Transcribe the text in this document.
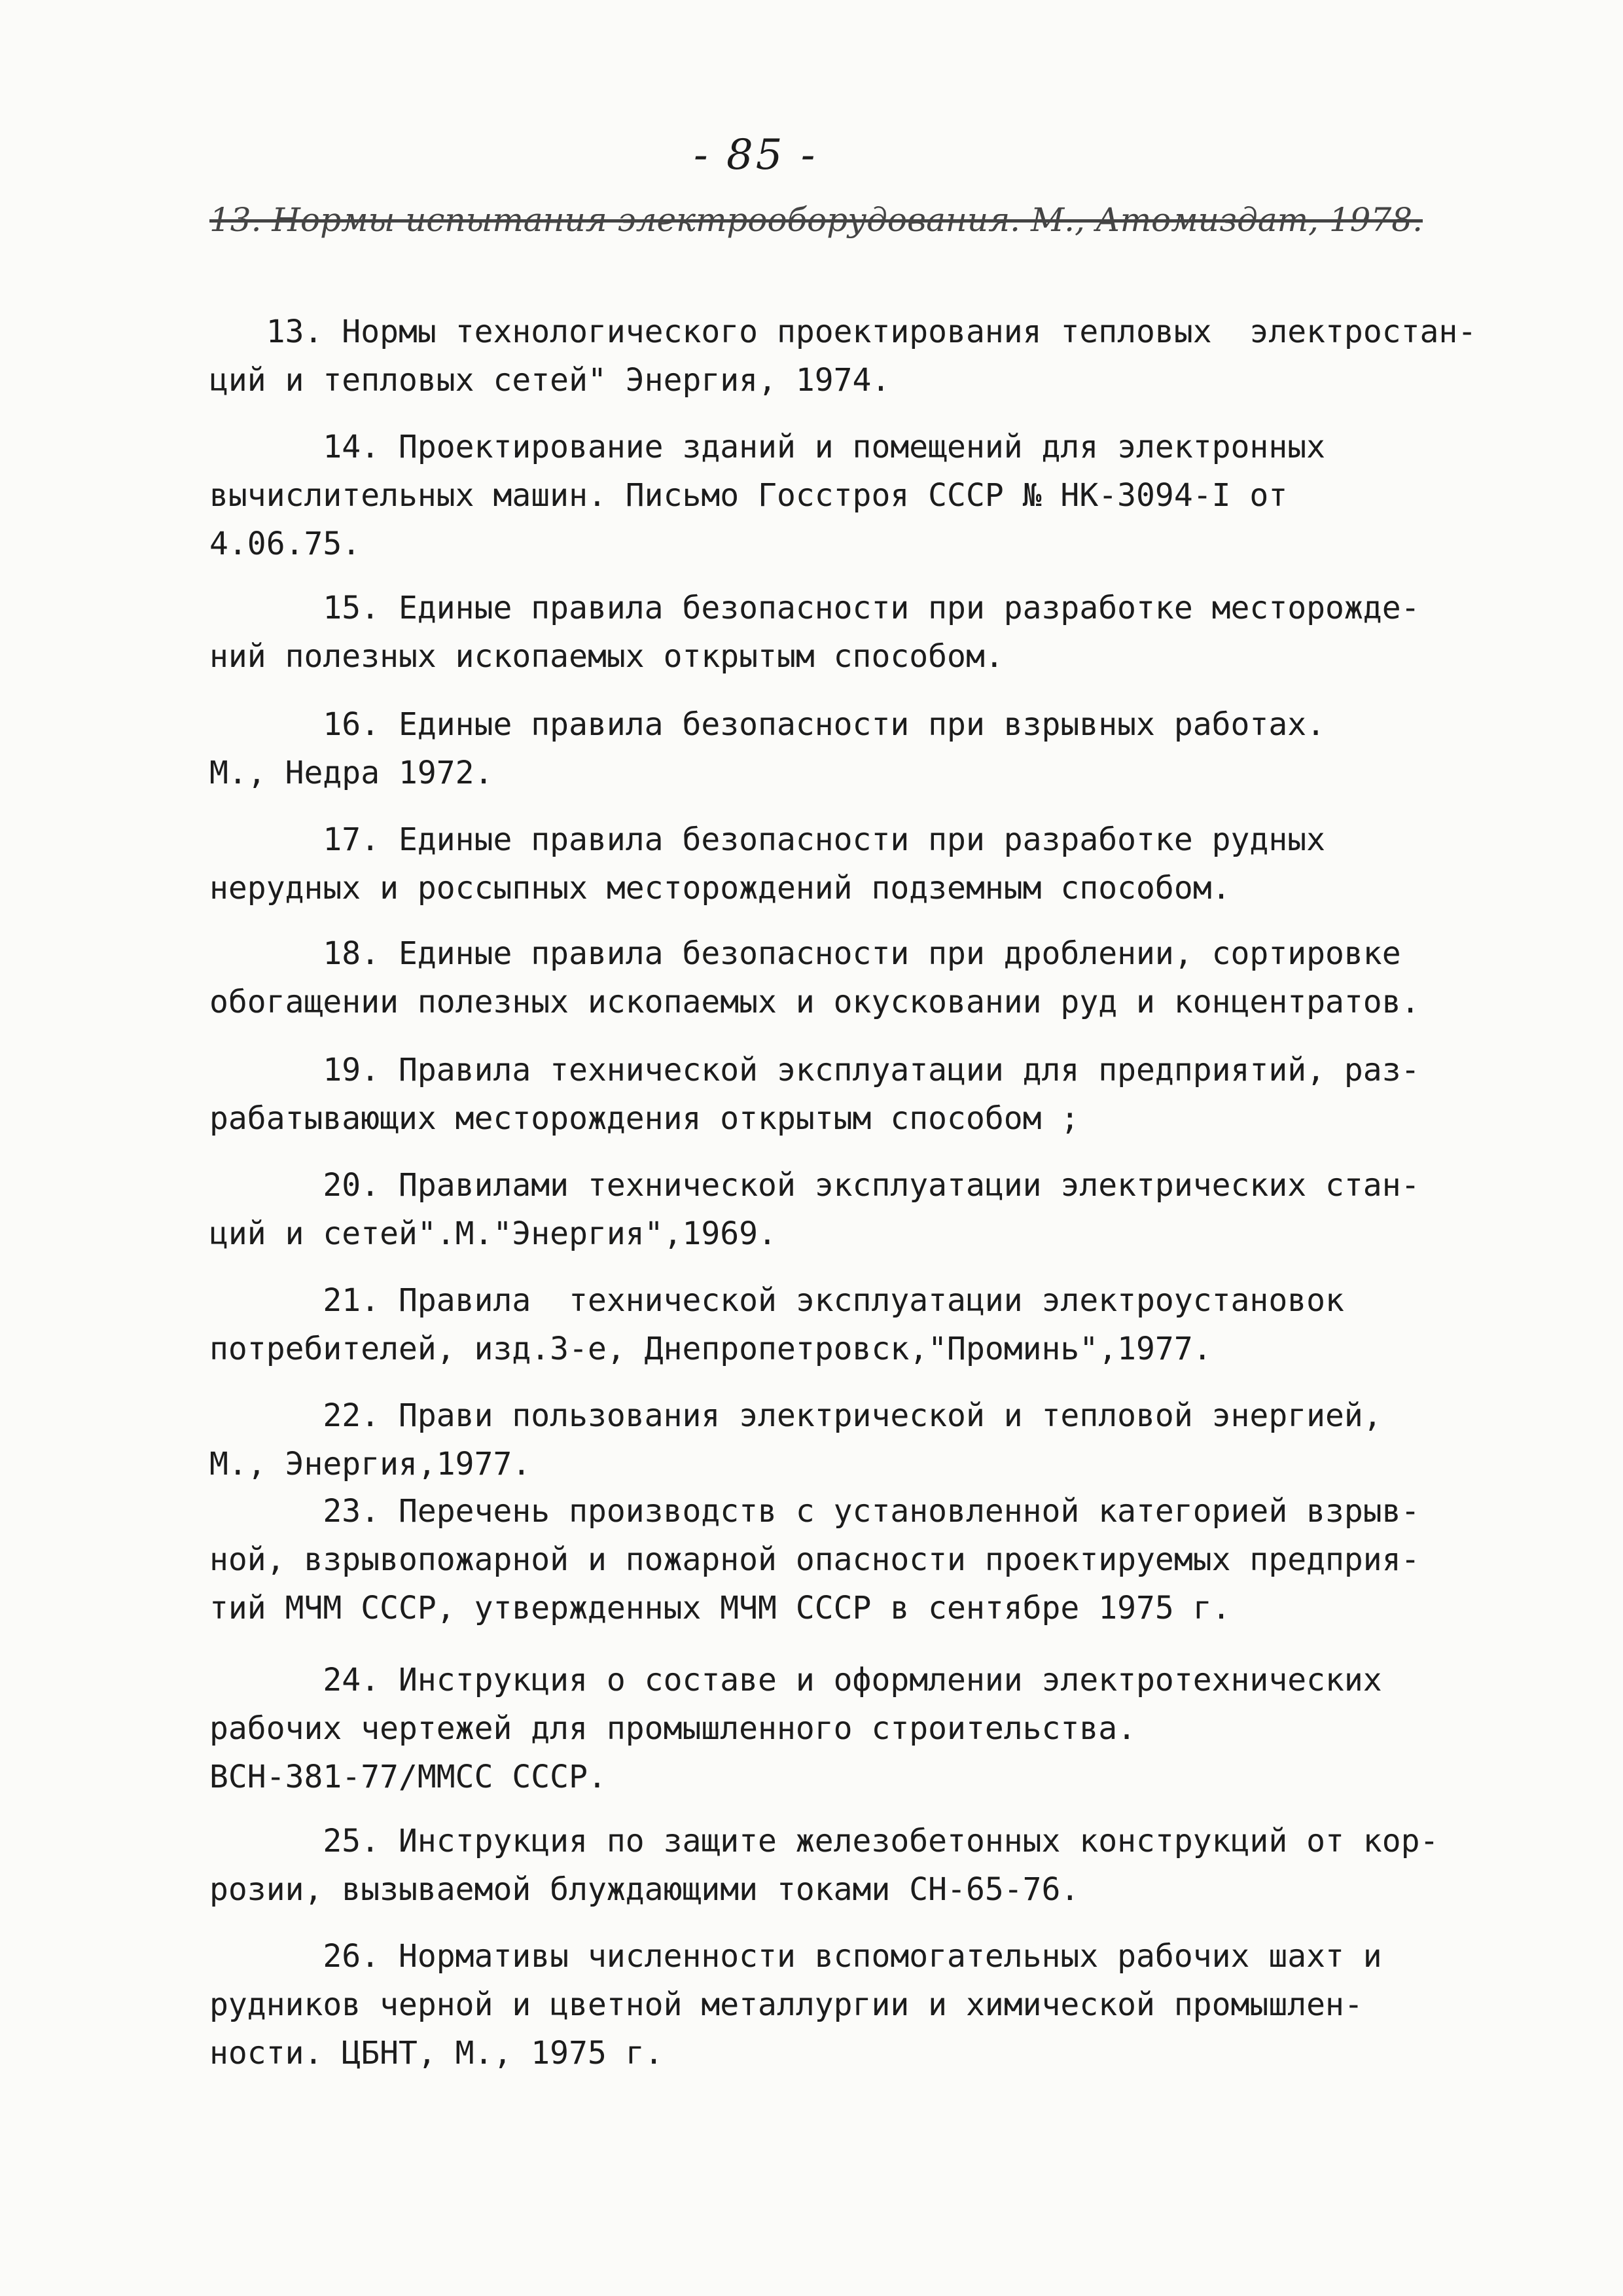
- 85 -
13. Нормы испытания электрооборудования. М., Атомиздат, 1978.
13. Нормы технологического проектирования тепловых  электростан-
ций и тепловых сетей" Энергия, 1974.
14. Проектирование зданий и помещений для электронных
вычислительных машин. Письмо Госстроя СССР № НК-3094-I от
4.06.75.
15. Единые правила безопасности при разработке месторожде-
ний полезных ископаемых открытым способом.
16. Единые правила безопасности при взрывных работах.
М., Недра 1972.
17. Единые правила безопасности при разработке рудных
нерудных и россыпных месторождений подземным способом.
18. Единые правила безопасности при дроблении, сортировке
обогащении полезных ископаемых и окусковании руд и концентратов.
19. Правила технической эксплуатации для предприятий, раз-
рабатывающих месторождения открытым способом ;
20. Правилами технической эксплуатации электрических стан-
ций и сетей".М."Энергия",1969.
21. Правила  технической эксплуатации электроустановок
потребителей, изд.3-е, Днепропетровск,"Проминь",1977.
22. Прави пользования электрической и тепловой энергией,
М., Энергия,1977.
23. Перечень производств с установленной категорией взрыв-
ной, взрывопожарной и пожарной опасности проектируемых предприя-
тий МЧМ СССР, утвержденных МЧМ СССР в сентябре 1975 г.
24. Инструкция о составе и оформлении электротехнических
рабочих чертежей для промышленного строительства.
ВСН-381-77/ММСС СССР.
25. Инструкция по защите железобетонных конструкций от кор-
розии, вызываемой блуждающими токами СН-65-76.
26. Нормативы численности вспомогательных рабочих шахт и
рудников черной и цветной металлургии и химической промышлен-
ности. ЦБНТ, М., 1975 г.
